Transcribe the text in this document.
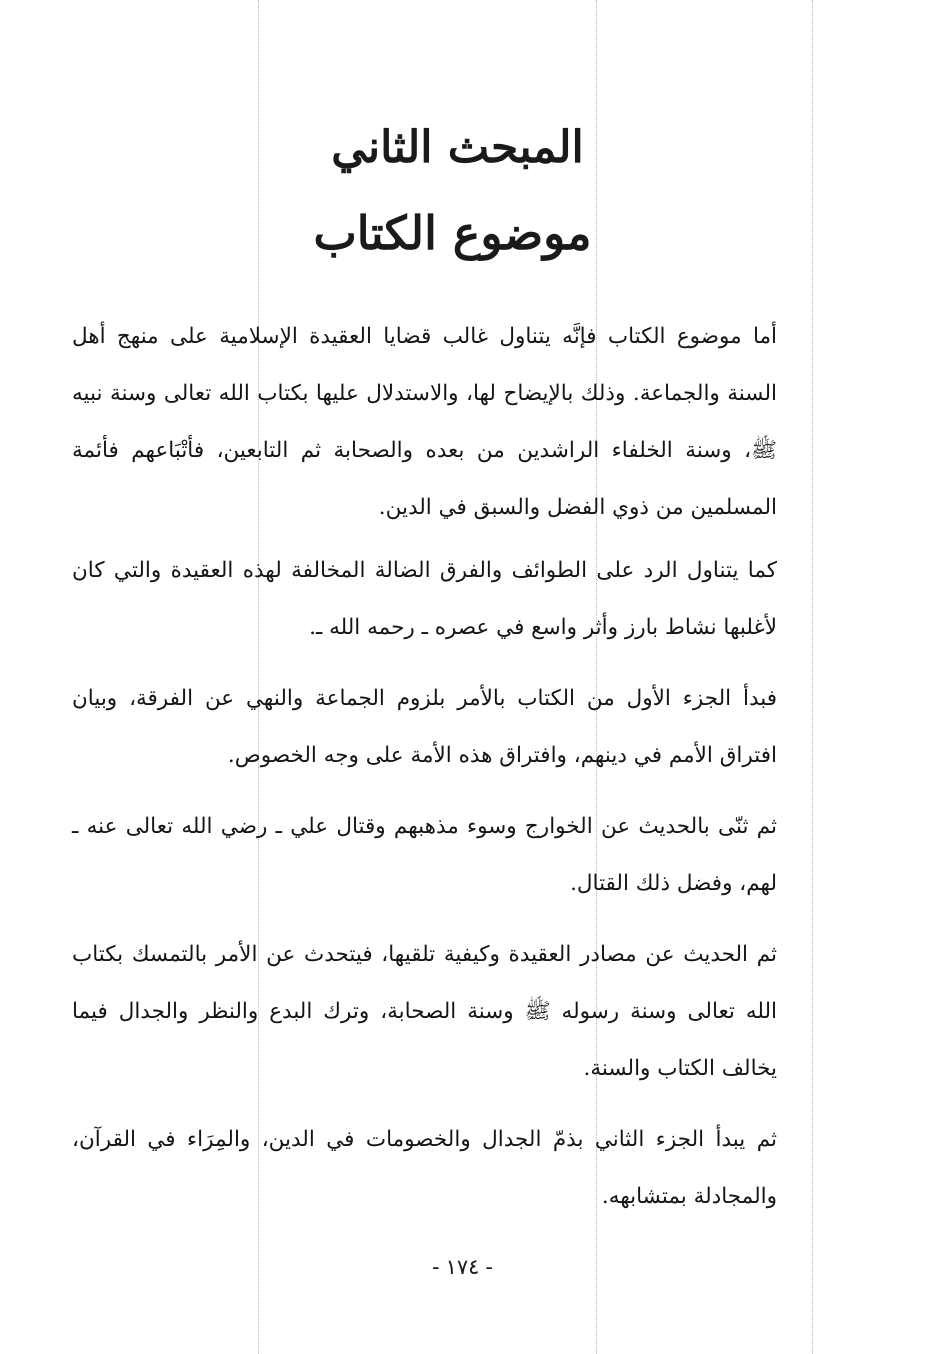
المبحث الثاني
موضوع الكتاب

أما موضوع الكتاب فإنَّه يتناول غالب قضايا العقيدة الإسلامية على منهج أهل السنة والجماعة. وذلك بالإيضاح لها، والاستدلال عليها بكتاب الله تعالى وسنة نبيه ﷺ، وسنة الخلفاء الراشدين من بعده والصحابة ثم التابعين، فأتْبَاعهم فأئمة المسلمين من ذوي الفضل والسبق في الدين.

كما يتناول الرد على الطوائف والفرق الضالة المخالفة لهذه العقيدة والتي كان لأغلبها نشاط بارز وأثر واسع في عصره ـ رحمه الله ـ.

فبدأ الجزء الأول من الكتاب بالأمر بلزوم الجماعة والنهي عن الفرقة، وبيان افتراق الأمم في دينهم، وافتراق هذه الأمة على وجه الخصوص.

ثم ثنّى بالحديث عن الخوارج وسوء مذهبهم وقتال علي ـ رضي الله تعالى عنه ـ لهم، وفضل ذلك القتال.

ثم الحديث عن مصادر العقيدة وكيفية تلقيها، فيتحدث عن الأمر بالتمسك بكتاب الله تعالى وسنة رسوله ﷺ وسنة الصحابة، وترك البدع والنظر والجدال فيما يخالف الكتاب والسنة.

ثم يبدأ الجزء الثاني بذمّ الجدال والخصومات في الدين، والمِرَاء في القرآن، والمجادلة بمتشابهه.

-١٧٤-
